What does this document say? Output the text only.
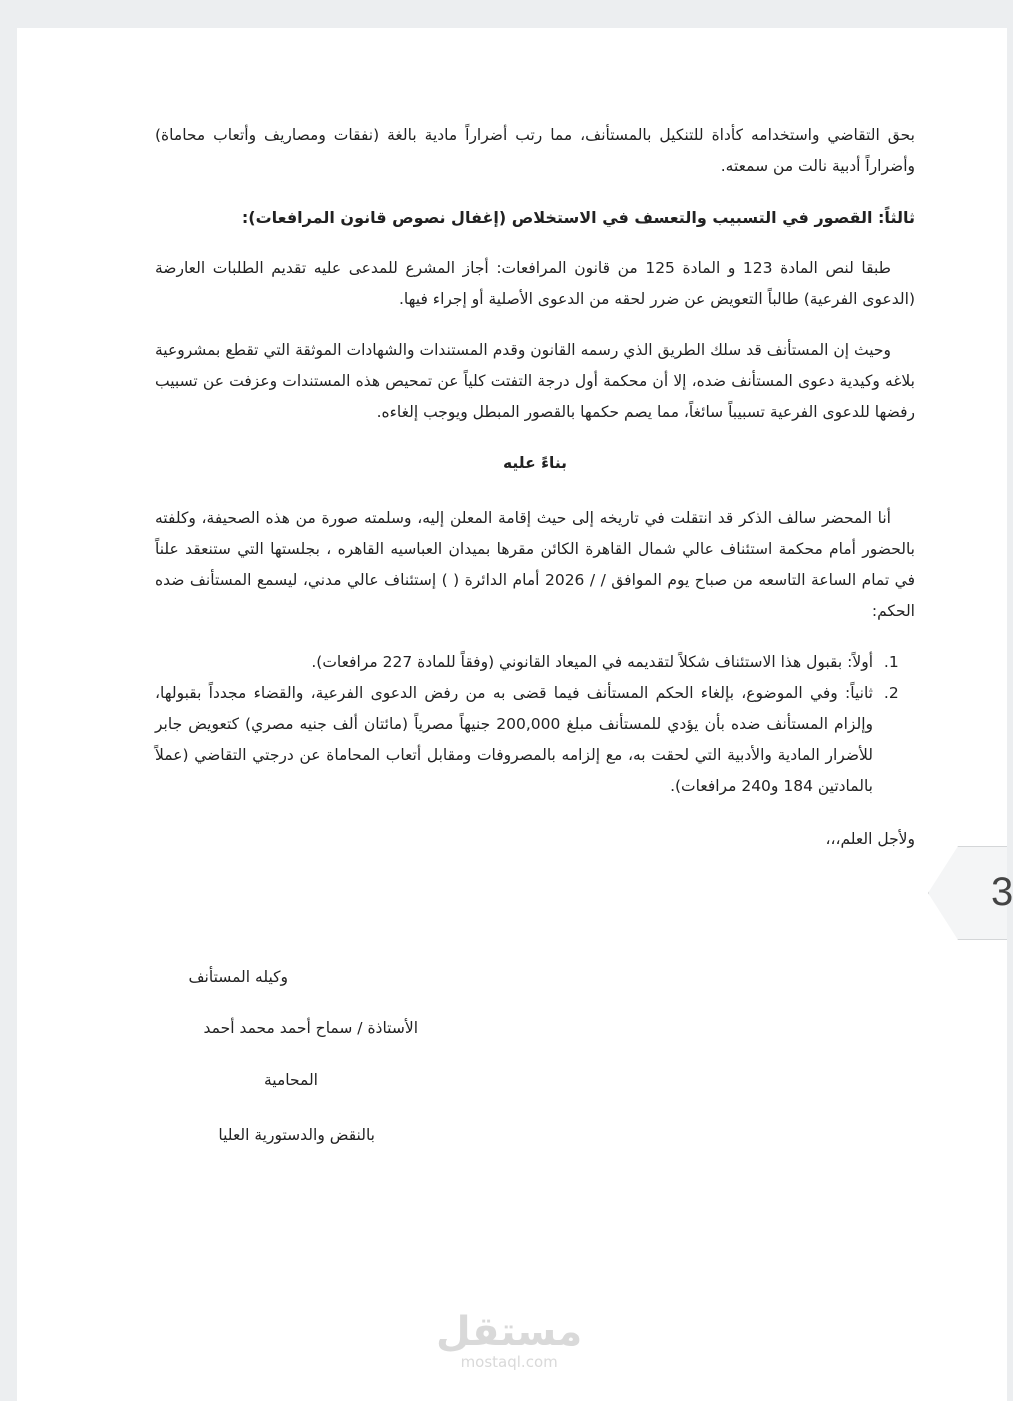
بحق التقاضي واستخدامه كأداة للتنكيل بالمستأنف، مما رتب أضراراً مادية بالغة (نفقات ومصاريف وأتعاب محاماة) وأضراراً أدبية نالت من سمعته.

ثالثاً: القصور في التسبيب والتعسف في الاستخلاص (إغفال نصوص قانون المرافعات):

طبقا لنص المادة 123 و المادة 125 من قانون المرافعات: أجاز المشرع للمدعى عليه تقديم الطلبات العارضة (الدعوى الفرعية) طالباً التعويض عن ضرر لحقه من الدعوى الأصلية أو إجراء فيها.

وحيث إن المستأنف قد سلك الطريق الذي رسمه القانون وقدم المستندات والشهادات الموثقة التي تقطع بمشروعية بلاغه وكيدية دعوى المستأنف ضده، إلا أن محكمة أول درجة التفتت كلياً عن تمحيص هذه المستندات وعزفت عن تسبيب رفضها للدعوى الفرعية تسبيباً سائغاً، مما يصم حكمها بالقصور المبطل ويوجب إلغاءه.

بناءً عليه

أنا المحضر سالف الذكر قد انتقلت في تاريخه إلى حيث إقامة المعلن إليه، وسلمته صورة من هذه الصحيفة، وكلفته بالحضور أمام محكمة استئناف عالي شمال القاهرة الكائن مقرها بميدان العباسيه القاهره ، بجلستها التي ستنعقد علناً في تمام الساعة التاسعه من صباح يوم الموافق / / 2026 أمام الدائرة ( ) إستئناف عالي مدني، ليسمع المستأنف ضده الحكم:

1. أولاً: بقبول هذا الاستئناف شكلاً لتقديمه في الميعاد القانوني (وفقاً للمادة 227 مرافعات).
2. ثانياً: وفي الموضوع، بإلغاء الحكم المستأنف فيما قضى به من رفض الدعوى الفرعية، والقضاء مجدداً بقبولها، وإلزام المستأنف ضده بأن يؤدي للمستأنف مبلغ 200,000 جنيهاً مصرياً (مائتان ألف جنيه مصري) كتعويض جابر للأضرار المادية والأدبية التي لحقت به، مع إلزامه بالمصروفات ومقابل أتعاب المحاماة عن درجتي التقاضي (عملاً بالمادتين 184 و240 مرافعات).

ولأجل العلم،،،

وكيله المستأنف
الأستاذة / سماح أحمد محمد أحمد
المحامية
بالنقض والدستورية العليا
3
مستقل
mostaql.com
